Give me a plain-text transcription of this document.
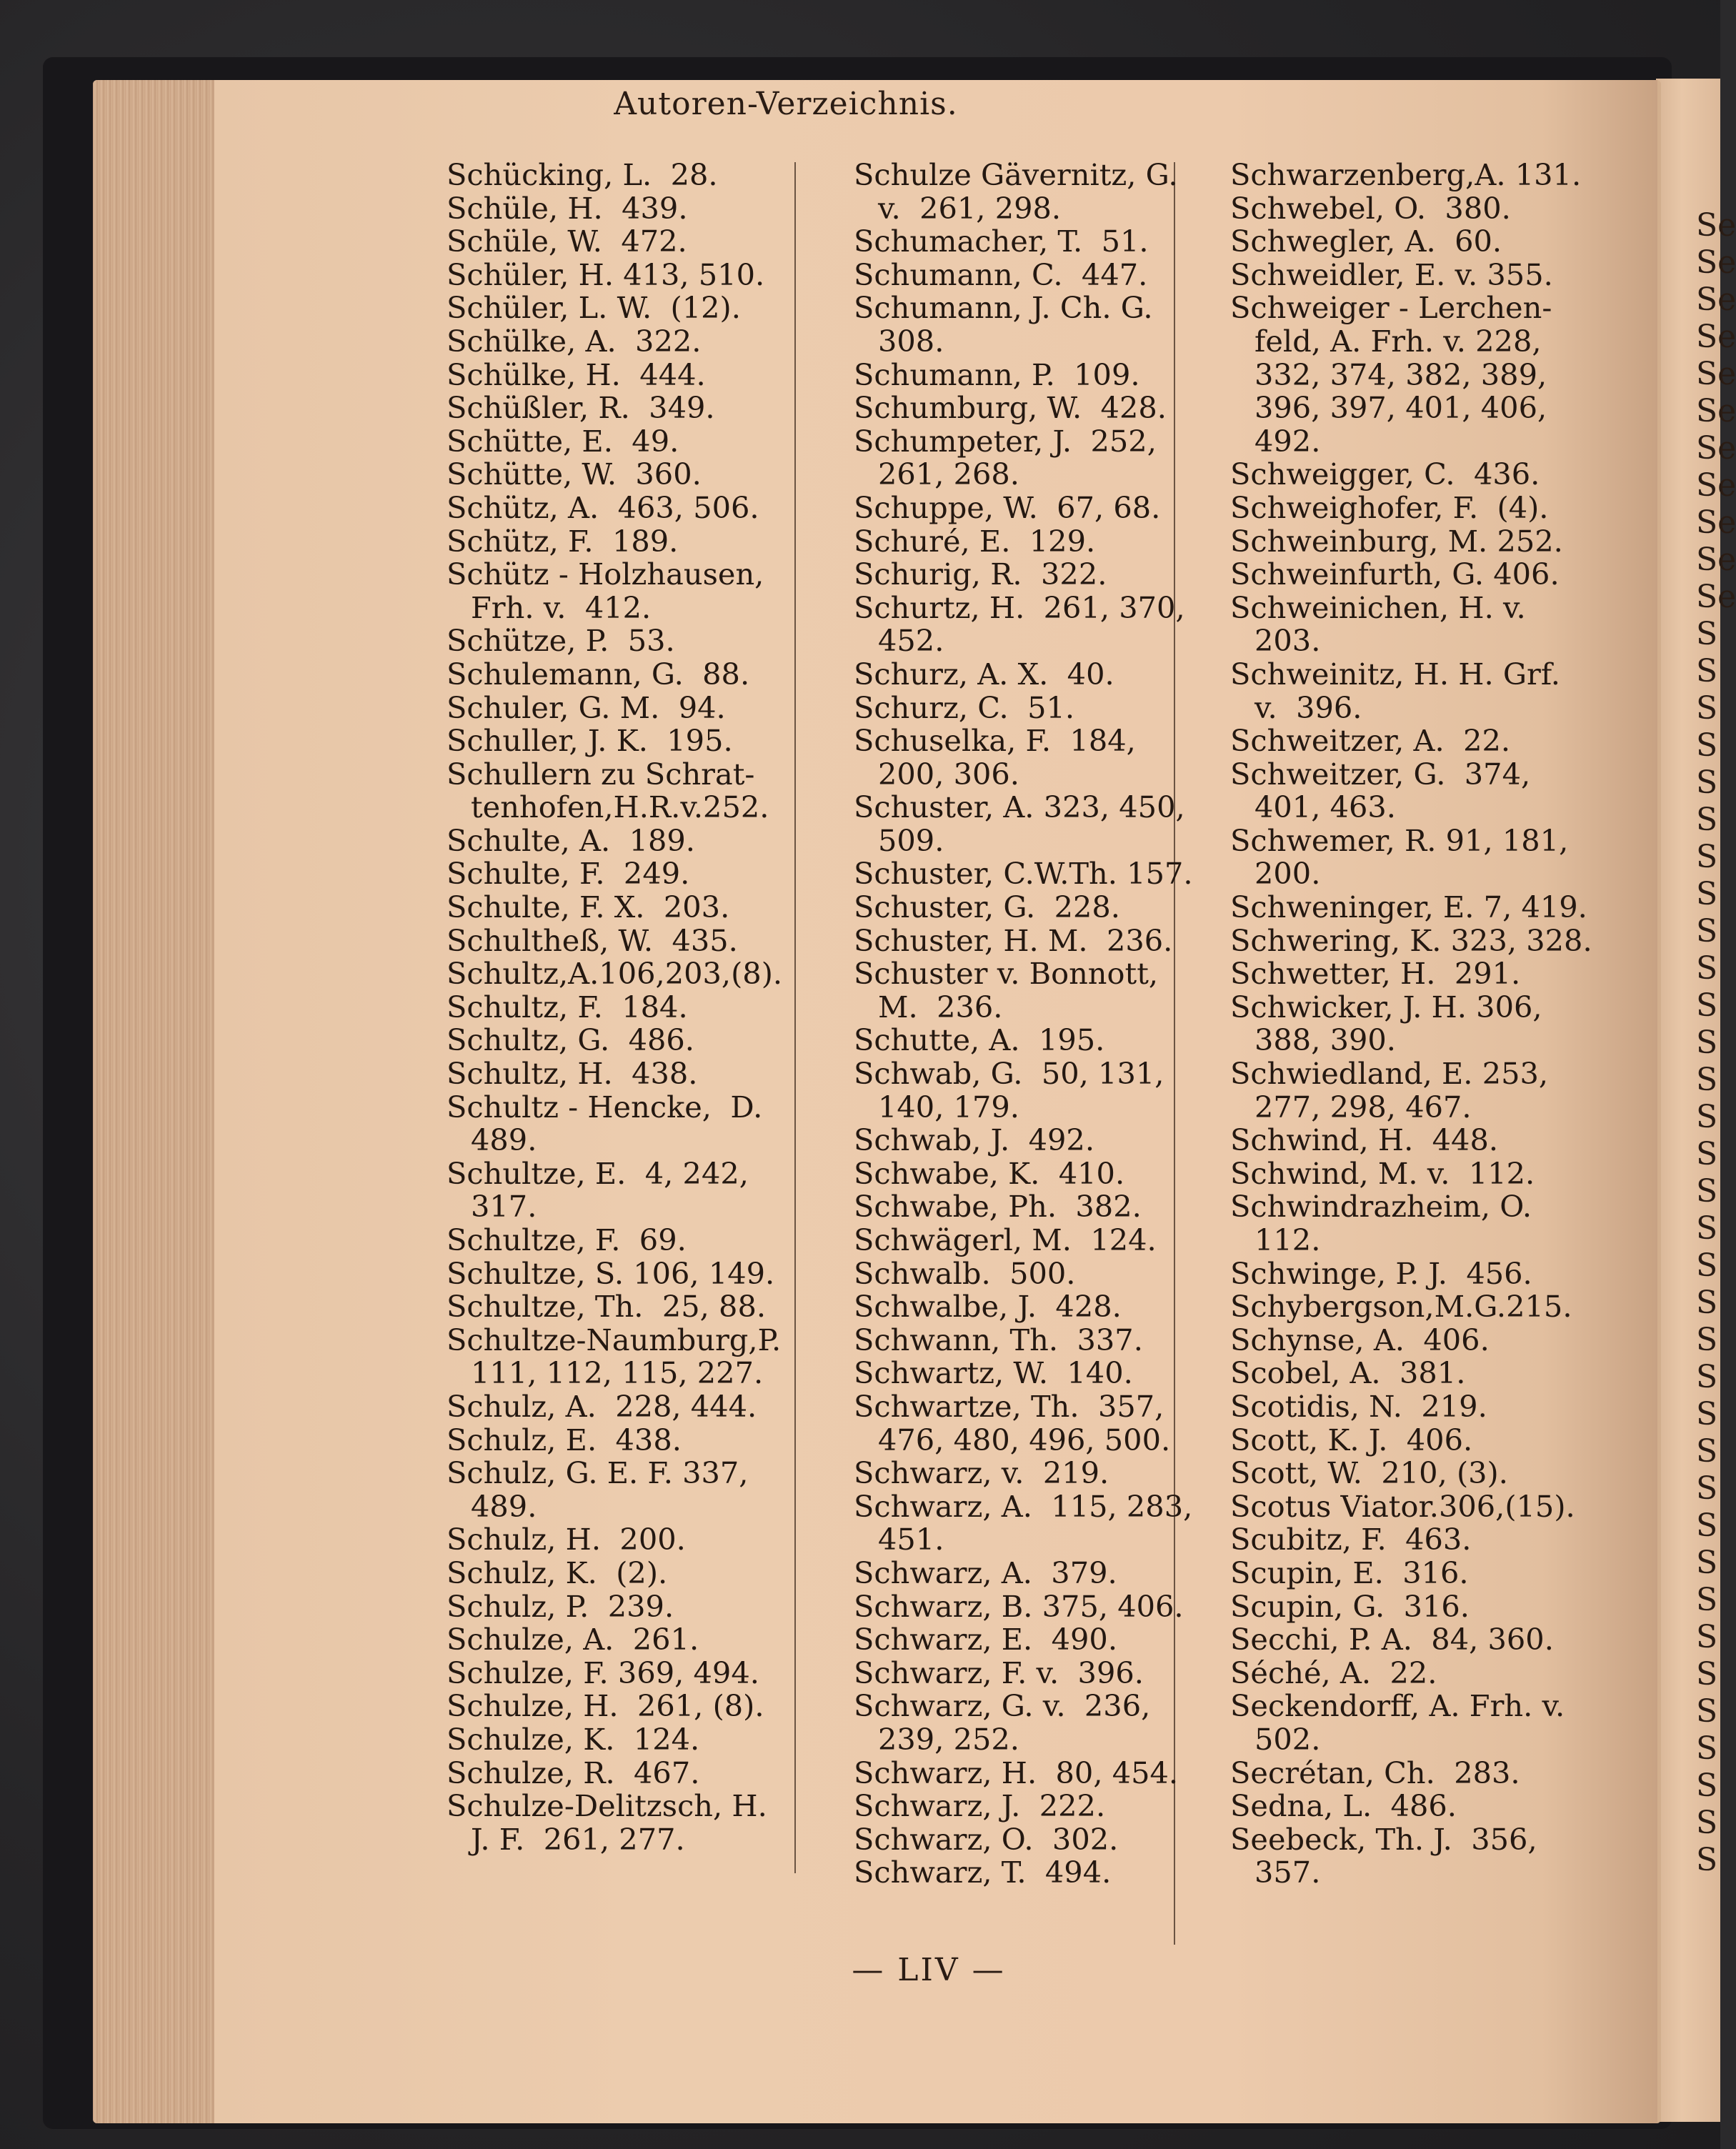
Se
Se
Se
Se
Se
Se
Se
Se
Se
Se
Se
S
S
S
S
S
S
S
S
S
S
S
S
S
S
S
S
S
S
S
S
S
S
S
S
S
S
S
S
S
S
S
S
S
S
Autoren-Verzeichnis.
Schücking, L.  28.
Schüle, H.  439.
Schüle, W.  472.
Schüler, H. 413, 510.
Schüler, L. W.  (12).
Schülke, A.  322.
Schülke, H.  444.
Schüßler, R.  349.
Schütte, E.  49.
Schütte, W.  360.
Schütz, A.  463, 506.
Schütz, F.  189.
Schütz - Holzhausen,
Frh. v.  412.
Schütze, P.  53.
Schulemann, G.  88.
Schuler, G. M.  94.
Schuller, J. K.  195.
Schullern zu Schrat-
tenhofen,H.R.v.252.
Schulte, A.  189.
Schulte, F.  249.
Schulte, F. X.  203.
Schultheß, W.  435.
Schultz,A.106,203,(8).
Schultz, F.  184.
Schultz, G.  486.
Schultz, H.  438.
Schultz - Hencke,  D.
489.
Schultze, E.  4, 242,
317.
Schultze, F.  69.
Schultze, S. 106, 149.
Schultze, Th.  25, 88.
Schultze-Naumburg,P.
111, 112, 115, 227.
Schulz, A.  228, 444.
Schulz, E.  438.
Schulz, G. E. F. 337,
489.
Schulz, H.  200.
Schulz, K.  (2).
Schulz, P.  239.
Schulze, A.  261.
Schulze, F. 369, 494.
Schulze, H.  261, (8).
Schulze, K.  124.
Schulze, R.  467.
Schulze-Delitzsch, H.
J. F.  261, 277.
Schulze Gävernitz, G.
v.  261, 298.
Schumacher, T.  51.
Schumann, C.  447.
Schumann, J. Ch. G.
308.
Schumann, P.  109.
Schumburg, W.  428.
Schumpeter, J.  252,
261, 268.
Schuppe, W.  67, 68.
Schuré, E.  129.
Schurig, R.  322.
Schurtz, H.  261, 370,
452.
Schurz, A. X.  40.
Schurz, C.  51.
Schuselka, F.  184,
200, 306.
Schuster, A. 323, 450,
509.
Schuster, C.W.Th. 157.
Schuster, G.  228.
Schuster, H. M.  236.
Schuster v. Bonnott,
M.  236.
Schutte, A.  195.
Schwab, G.  50, 131,
140, 179.
Schwab, J.  492.
Schwabe, K.  410.
Schwabe, Ph.  382.
Schwägerl, M.  124.
Schwalb.  500.
Schwalbe, J.  428.
Schwann, Th.  337.
Schwartz, W.  140.
Schwartze, Th.  357,
476, 480, 496, 500.
Schwarz, v.  219.
Schwarz, A.  115, 283,
451.
Schwarz, A.  379.
Schwarz, B. 375, 406.
Schwarz, E.  490.
Schwarz, F. v.  396.
Schwarz, G. v.  236,
239, 252.
Schwarz, H.  80, 454.
Schwarz, J.  222.
Schwarz, O.  302.
Schwarz, T.  494.
Schwarzenberg,A. 131.
Schwebel, O.  380.
Schwegler, A.  60.
Schweidler, E. v. 355.
Schweiger - Lerchen-
feld, A. Frh. v. 228,
332, 374, 382, 389,
396, 397, 401, 406,
492.
Schweigger, C.  436.
Schweighofer, F.  (4).
Schweinburg, M. 252.
Schweinfurth, G. 406.
Schweinichen, H. v.
203.
Schweinitz, H. H. Grf.
v.  396.
Schweitzer, A.  22.
Schweitzer, G.  374,
401, 463.
Schwemer, R. 91, 181,
200.
Schweninger, E. 7, 419.
Schwering, K. 323, 328.
Schwetter, H.  291.
Schwicker, J. H. 306,
388, 390.
Schwiedland, E. 253,
277, 298, 467.
Schwind, H.  448.
Schwind, M. v.  112.
Schwindrazheim, O.
112.
Schwinge, P. J.  456.
Schybergson,M.G.215.
Schynse, A.  406.
Scobel, A.  381.
Scotidis, N.  219.
Scott, K. J.  406.
Scott, W.  210, (3).
Scotus Viator.306,(15).
Scubitz, F.  463.
Scupin, E.  316.
Scupin, G.  316.
Secchi, P. A.  84, 360.
Séché, A.  22.
Seckendorff, A. Frh. v.
502.
Secrétan, Ch.  283.
Sedna, L.  486.
Seebeck, Th. J.  356,
357.
— LIV —
